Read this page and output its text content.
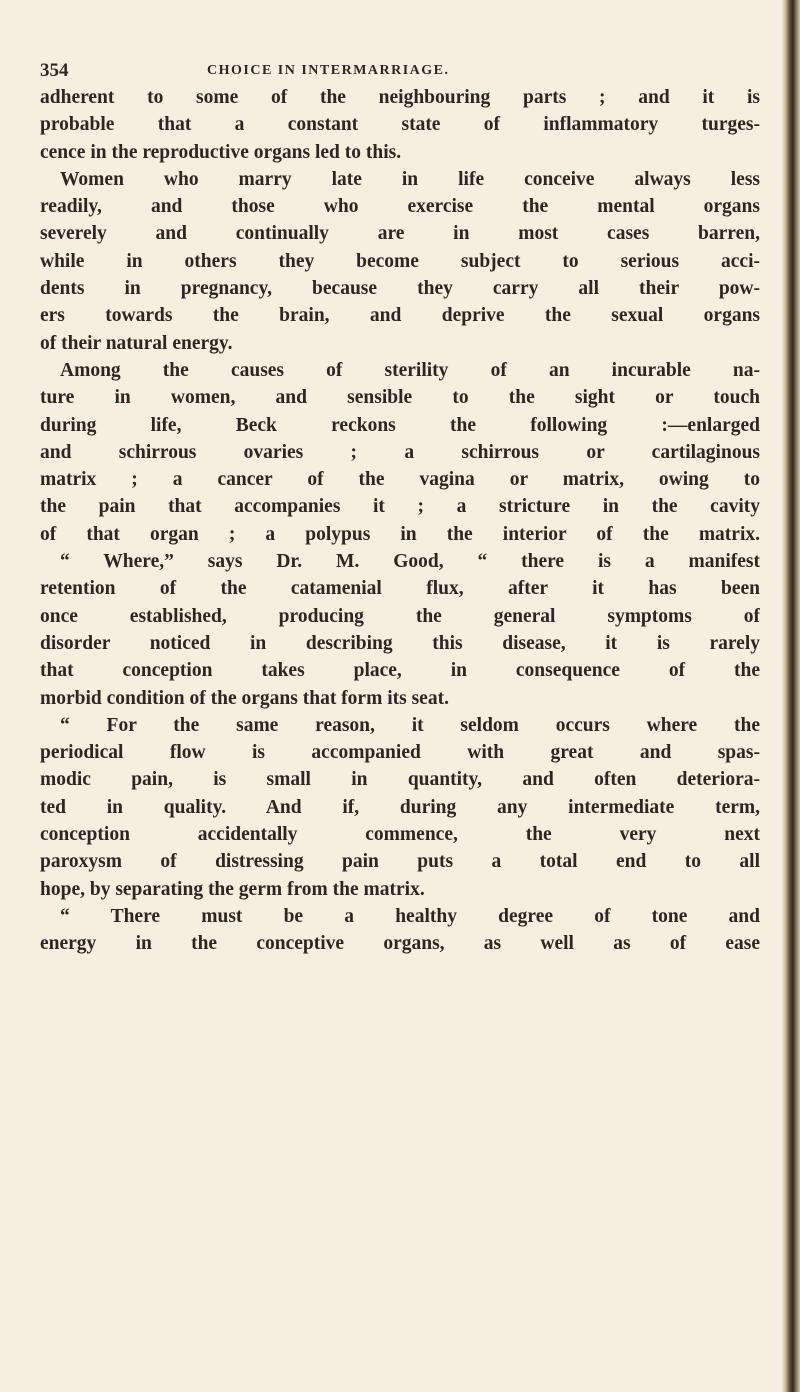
354	CHOICE IN INTERMARRIAGE.
adherent to some of the neighbouring parts ; and it is
probable that a constant state of inflammatory turges-
cence in the reproductive organs led to this.
Women who marry late in life conceive always less
readily, and those who exercise the mental organs
severely and continually are in most cases barren,
while in others they become subject to serious acci-
dents in pregnancy, because they carry all their pow-
ers towards the brain, and deprive the sexual organs
of their natural energy.
Among the causes of sterility of an incurable na-
ture in women, and sensible to the sight or touch
during life, Beck reckons the following :—enlarged
and schirrous ovaries ; a schirrous or cartilaginous
matrix ; a cancer of the vagina or matrix, owing to
the pain that accompanies it ; a stricture in the cavity
of that organ ; a polypus in the interior of the matrix.
“ Where,” says Dr. M. Good, “ there is a manifest
retention of the catamenial flux, after it has been
once established, producing the general symptoms of
disorder noticed in describing this disease, it is rarely
that conception takes place, in consequence of the
morbid condition of the organs that form its seat.
“ For the same reason, it seldom occurs where the
periodical flow is accompanied with great and spas-
modic pain, is small in quantity, and often deteriora-
ted in quality. And if, during any intermediate term,
conception accidentally commence, the very next
paroxysm of distressing pain puts a total end to all
hope, by separating the germ from the matrix.
“ There must be a healthy degree of tone and
energy in the conceptive organs, as well as of ease
